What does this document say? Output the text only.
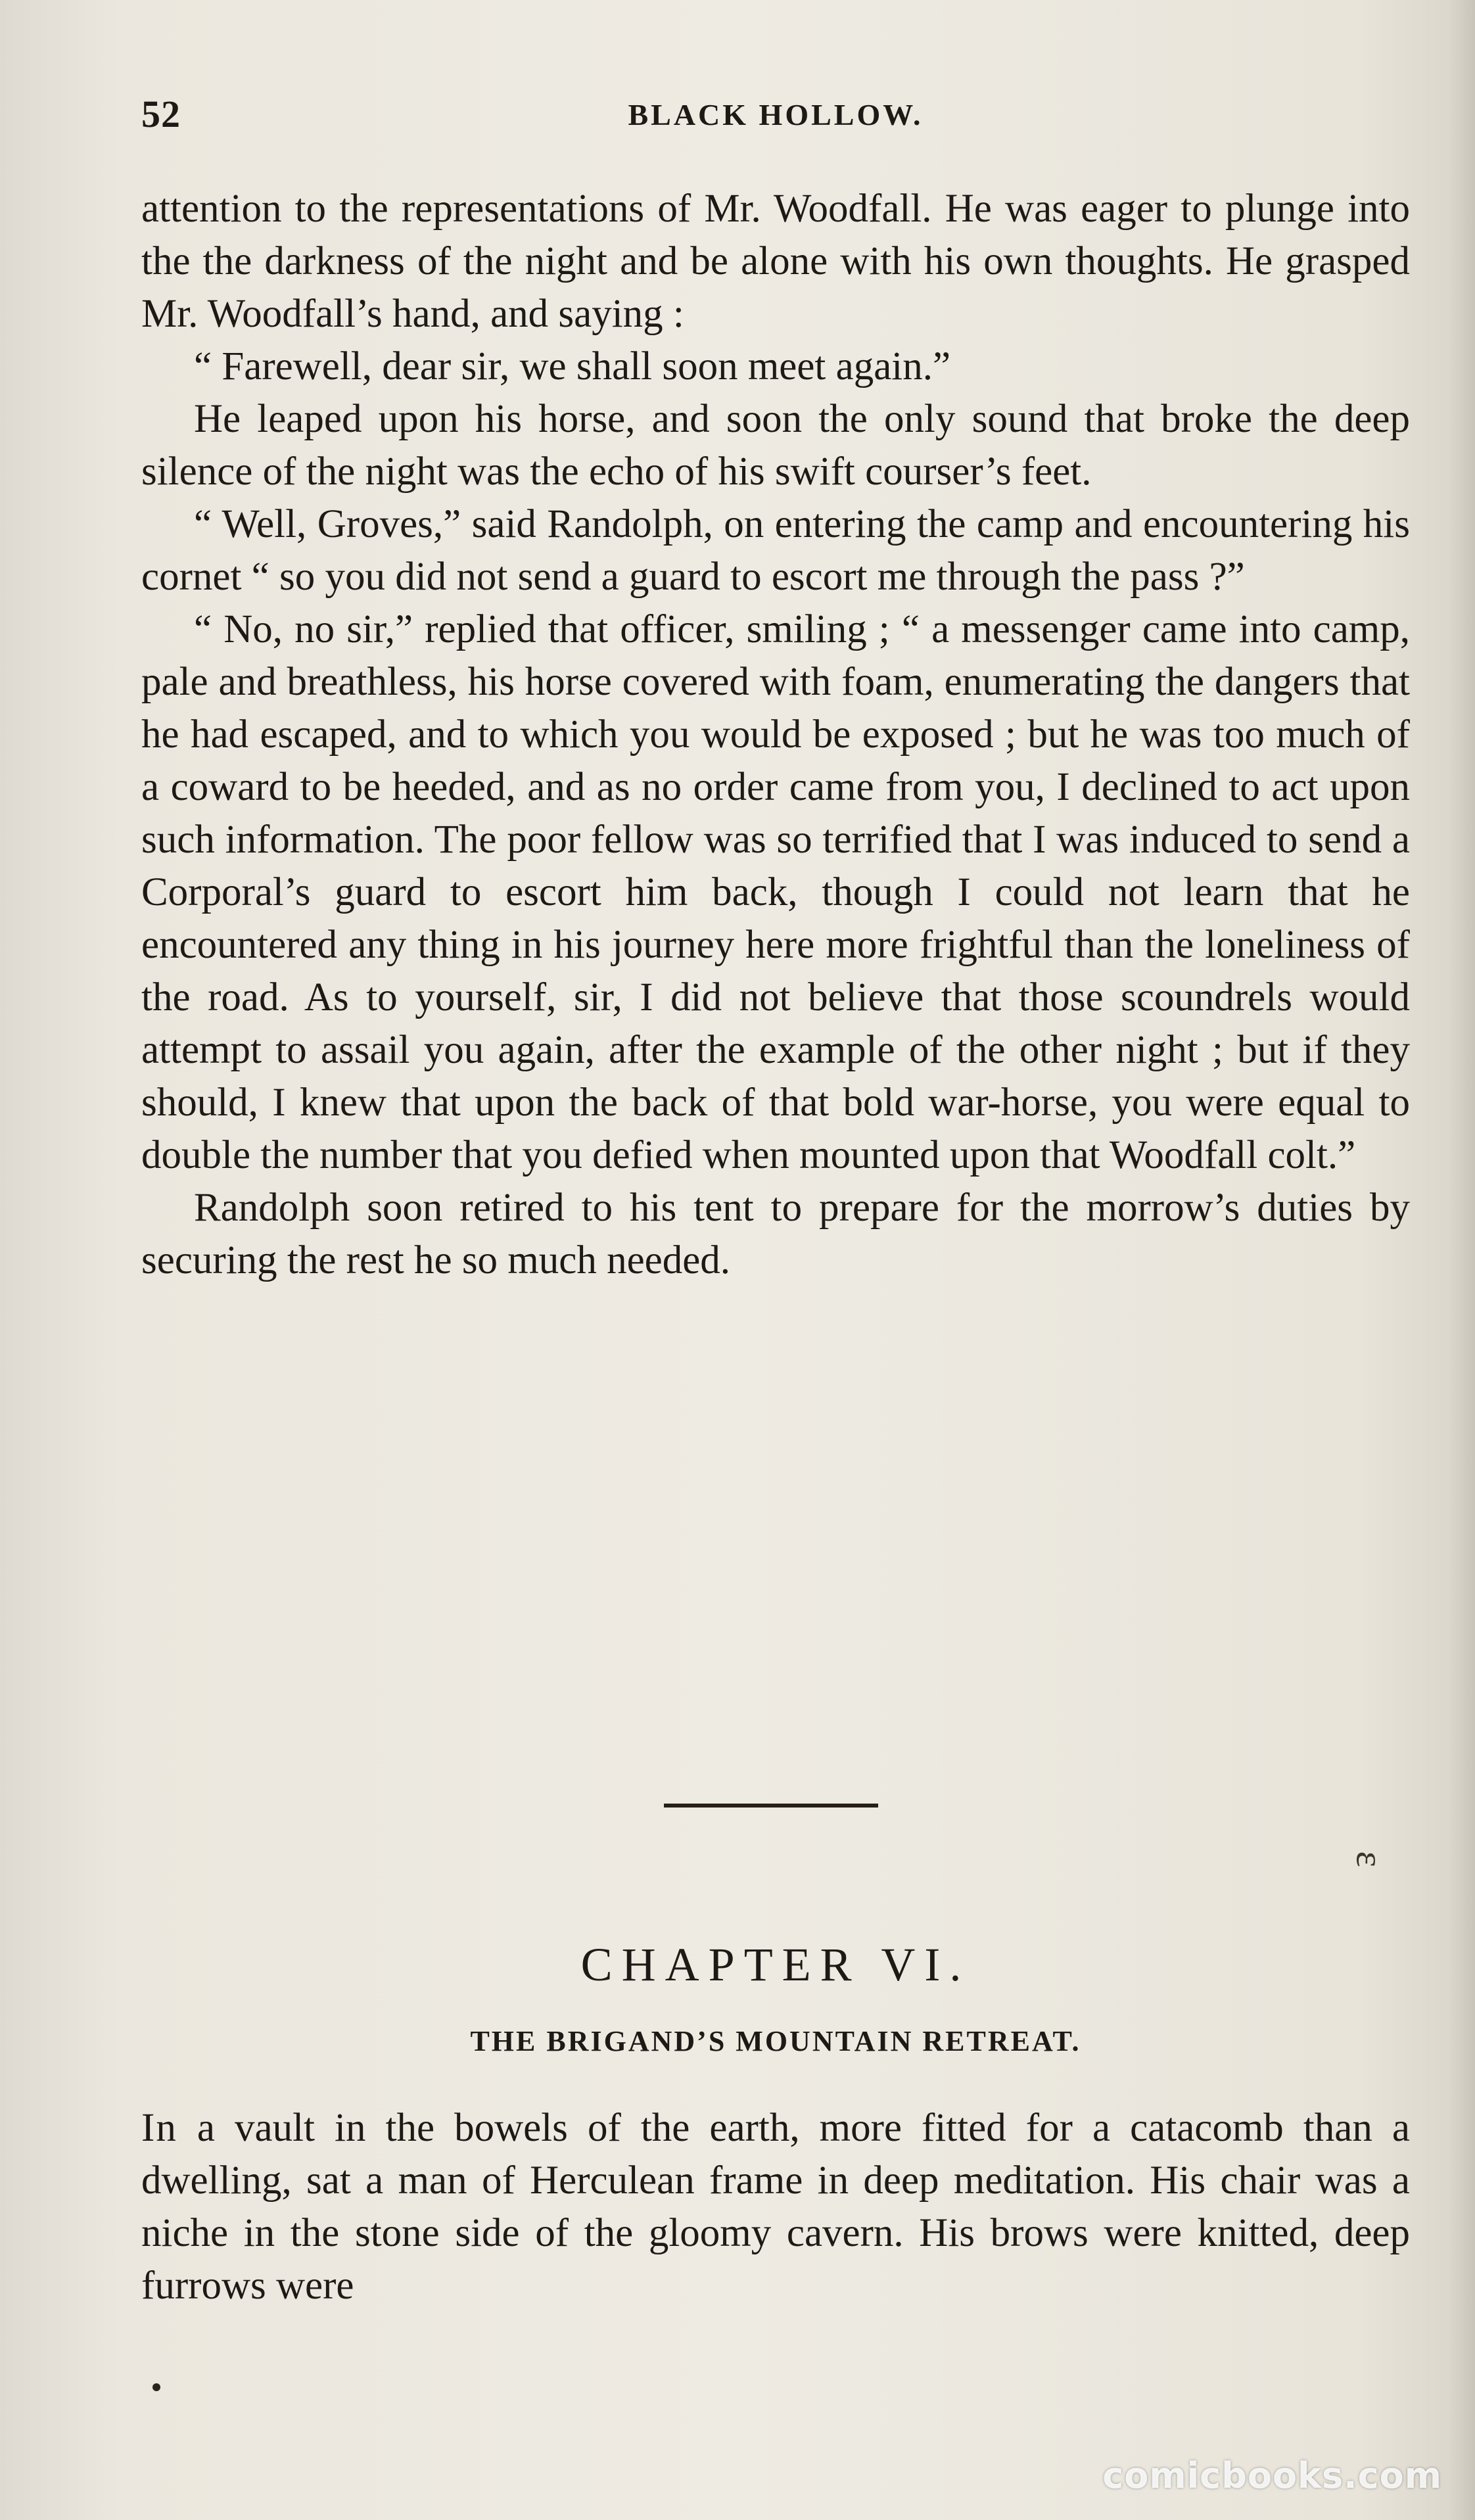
52	BLACK HOLLOW.

attention to the representations of Mr. Woodfall. He was eager to plunge into the the darkness of the night and be alone with his own thoughts. He grasped Mr. Woodfall’s hand, and saying :

“ Farewell, dear sir, we shall soon meet again.”

He leaped upon his horse, and soon the only sound that broke the deep silence of the night was the echo of his swift courser’s feet.

“ Well, Groves,” said Randolph, on entering the camp and encountering his cornet “ so you did not send a guard to escort me through the pass ?”

“ No, no sir,” replied that officer, smiling ; “ a messenger came into camp, pale and breathless, his horse covered with foam, enumerating the dangers that he had escaped, and to which you would be exposed ; but he was too much of a coward to be heeded, and as no order came from you, I declined to act upon such information. The poor fellow was so terrified that I was induced to send a Corporal’s guard to escort him back, though I could not learn that he encountered any thing in his journey here more frightful than the loneliness of the road. As to yourself, sir, I did not believe that those scoundrels would attempt to assail you again, after the example of the other night ; but if they should, I knew that upon the back of that bold war-horse, you were equal to double the number that you defied when mounted upon that Woodfall colt.”

Randolph soon retired to his tent to prepare for the morrow’s duties by securing the rest he so much needed.

ε
CHAPTER VI.
THE BRIGAND’S MOUNTAIN RETREAT.
In a vault in the bowels of the earth, more fitted for a catacomb than a dwelling, sat a man of Herculean frame in deep meditation. His chair was a niche in the stone side of the gloomy cavern. His brows were knitted, deep furrows were
comicbooks.com
